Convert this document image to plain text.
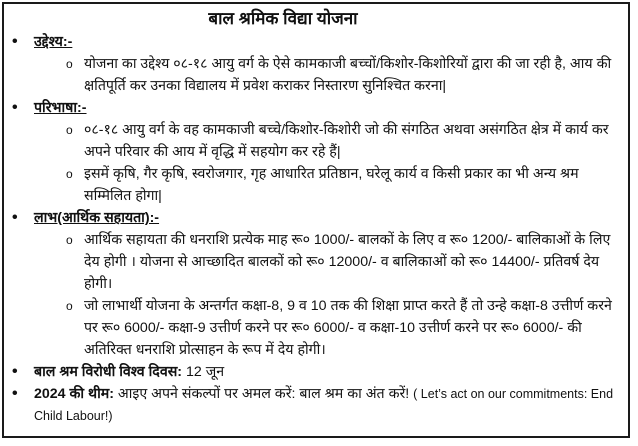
बाल श्रमिक विद्या योजना
• उद्देश्य:-
o योजना का उद्देश्य ०८-१८ आयु वर्ग के ऐसे कामकाजी बच्चों/किशोर-किशोरियों द्वारा की जा रही है, आय की क्षतिपूर्ति कर उनका विद्यालय में प्रवेश कराकर निस्तारण सुनिश्चित करना|
• परिभाषा:-
o ०८-१८ आयु वर्ग के वह कामकाजी बच्चे/किशोर-किशोरी जो की संगठित अथवा असंगठित क्षेत्र में कार्य कर अपने परिवार की आय में वृद्धि में सहयोग कर रहे हैं|
o इसमें कृषि, गैर कृषि, स्वरोजगार, गृह आधारित प्रतिष्ठान, घरेलू कार्य व किसी प्रकार का भी अन्य श्रम सम्मिलित होगा|
• लाभ(आर्थिक सहायता):-
o आर्थिक सहायता की धनराशि प्रत्येक माह रू० 1000/- बालकों के लिए व रू० 1200/- बालिकाओं के लिए देय होगी । योजना से आच्छादित बालकों को रू० 12000/- व बालिकाओं को रू० 14400/- प्रतिवर्ष देय होगी।
o जो लाभार्थी योजना के अन्तर्गत कक्षा-8, 9 व 10 तक की शिक्षा प्राप्त करते हैं तो उन्हे कक्षा-8 उत्तीर्ण करने पर रू० 6000/- कक्षा-9 उत्तीर्ण करने पर रू० 6000/- व कक्षा-10 उत्तीर्ण करने पर रू० 6000/- की अतिरिक्त धनराशि प्रोत्साहन के रूप में देय होगी।
• बाल श्रम विरोधी विश्व दिवस: 12 जून
• 2024 की थीम: आइए अपने संकल्पों पर अमल करें: बाल श्रम का अंत करें! ( Let’s act on our commitments: End Child Labour!)
